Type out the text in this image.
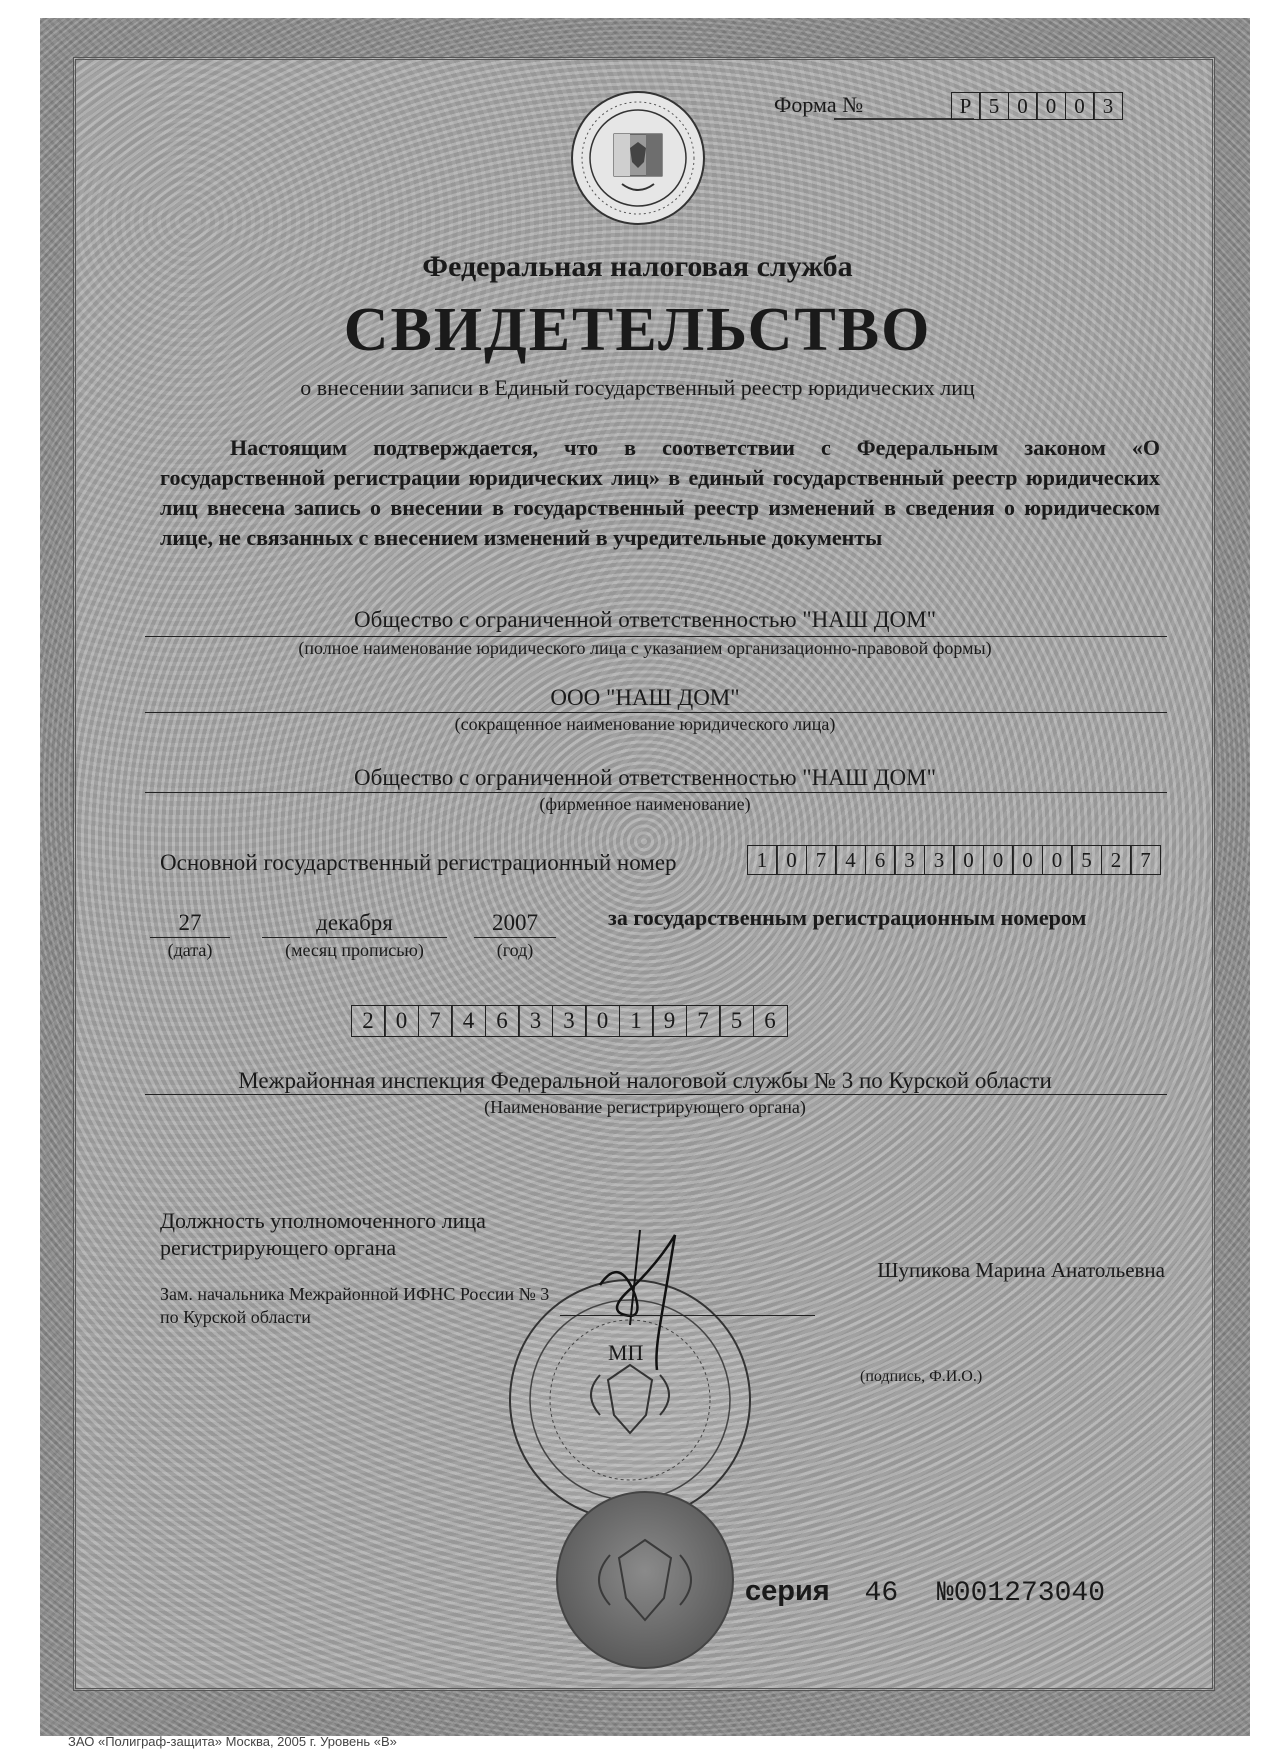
Форма №	Р 5 0 0 0 3
Федеральная налоговая служба
СВИДЕТЕЛЬСТВО
о внесении записи в Единый государственный реестр юридических лиц
Настоящим подтверждается, что в соответствии с Федеральным законом «О государственной регистрации юридических лиц» в единый государственный реестр юридических лиц внесена запись о внесении в государственный реестр изменений в сведения о юридическом лице, не связанных с внесением изменений в учредительные документы
Общество с ограниченной ответственностью "НАШ ДОМ"
(полное наименование юридического лица с указанием организационно-правовой формы)
ООО "НАШ ДОМ"
(сокращенное наименование юридического лица)
Общество с ограниченной ответственностью "НАШ ДОМ"
(фирменное наименование)
Основной государственный регистрационный номер	1 0 7 4 6 3 3 0 0 0 0 5 2 7
27
(дата)
декабря
(месяц прописью)
2007
(год)
за государственным регистрационным номером
2 0 7 4 6 3 3 0 1 9 7 5 6
Межрайонная инспекция Федеральной налоговой службы № 3 по Курской области
(Наименование регистрирующего органа)
МП
Должность уполномоченного лица регистрирующего органа
Зам. начальника Межрайонной ИФНС России № 3 по Курской области
Шупикова Марина Анатольевна
(подпись, Ф.И.О.)
серия 46 №001273040
ЗАО «Полиграф-защита» Москва, 2005 г. Уровень «В»
